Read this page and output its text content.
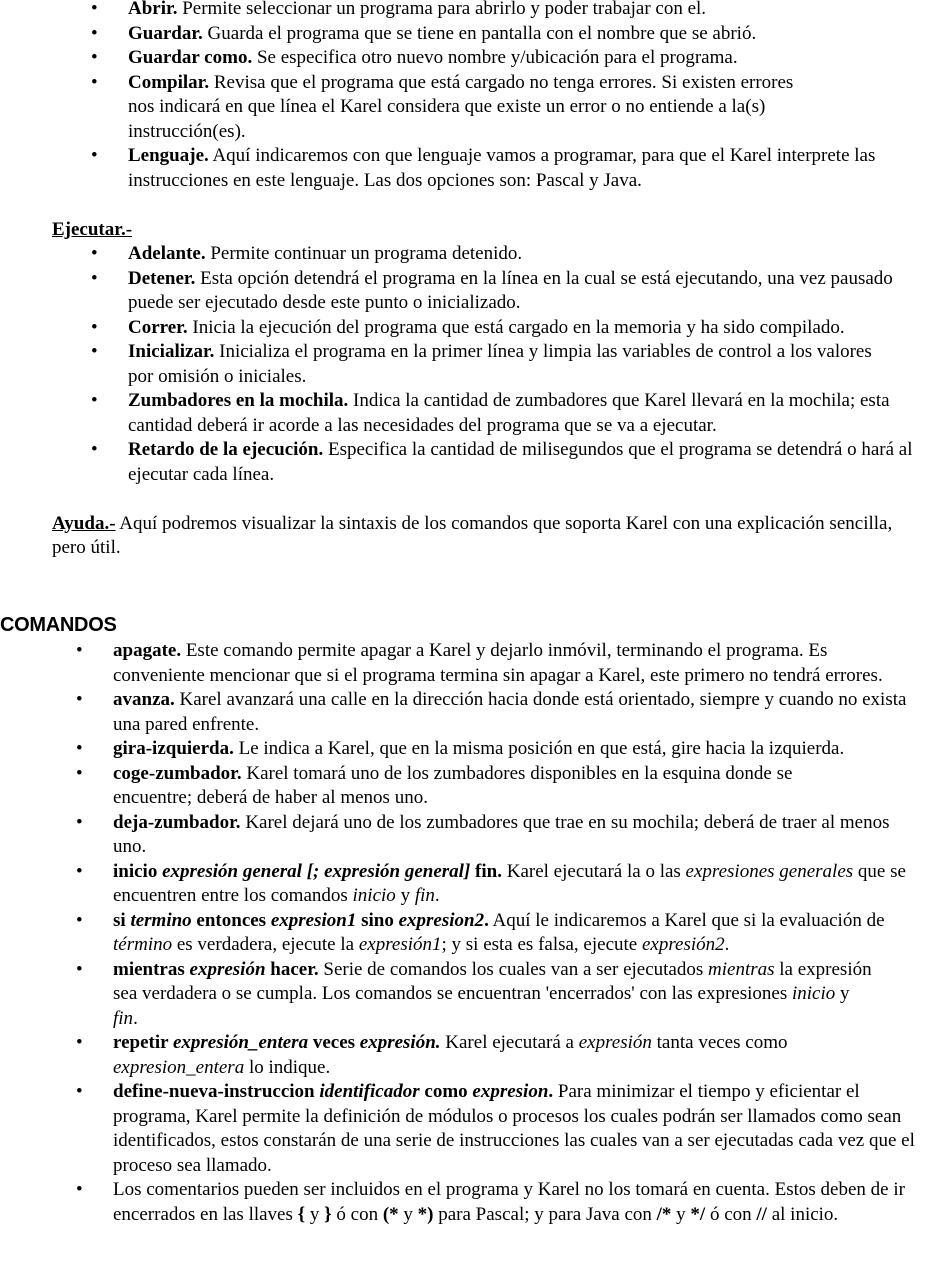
• Abrir. Permite seleccionar un programa para abrirlo y poder trabajar con el.
• Guardar. Guarda el programa que se tiene en pantalla con el nombre que se abrió.
• Guardar como. Se especifica otro nuevo nombre y/ubicación para el programa.
• Compilar. Revisa que el programa que está cargado no tenga errores. Si existen errores nos indicará en que línea el Karel considera que existe un error o no entiende a la(s) instrucción(es).
• Lenguaje. Aquí indicaremos con que lenguaje vamos a programar, para que el Karel interprete las instrucciones en este lenguaje. Las dos opciones son: Pascal y Java.
Ejecutar.-
• Adelante. Permite continuar un programa detenido.
• Detener. Esta opción detendrá el programa en la línea en la cual se está ejecutando, una vez pausado puede ser ejecutado desde este punto o inicializado.
• Correr. Inicia la ejecución del programa que está cargado en la memoria y ha sido compilado.
• Inicializar. Inicializa el programa en la primer línea y limpia las variables de control a los valores por omisión o iniciales.
• Zumbadores en la mochila. Indica la cantidad de zumbadores que Karel llevará en la mochila; esta cantidad deberá ir acorde a las necesidades del programa que se va a ejecutar.
• Retardo de la ejecución. Especifica la cantidad de milisegundos que el programa se detendrá o hará al ejecutar cada línea.
Ayuda.- Aquí podremos visualizar la sintaxis de los comandos que soporta Karel con una explicación sencilla, pero útil.
COMANDOS
• apagate. Este comando permite apagar a Karel y dejarlo inmóvil, terminando el programa. Es conveniente mencionar que si el programa termina sin apagar a Karel, este primero no tendrá errores.
• avanza. Karel avanzará una calle en la dirección hacia donde está orientado, siempre y cuando no exista una pared enfrente.
• gira-izquierda. Le indica a Karel, que en la misma posición en que está, gire hacia la izquierda.
• coge-zumbador. Karel tomará uno de los zumbadores disponibles en la esquina donde se encuentre; deberá de haber al menos uno.
• deja-zumbador. Karel dejará uno de los zumbadores que trae en su mochila; deberá de traer al menos uno.
• inicio expresión general [; expresión general] fin. Karel ejecutará la o las expresiones generales que se encuentren entre los comandos inicio y fin.
• si termino entonces expresion1 sino expresion2. Aquí le indicaremos a Karel que si la evaluación de término es verdadera, ejecute la expresión1; y si esta es falsa, ejecute expresión2.
• mientras expresión hacer. Serie de comandos los cuales van a ser ejecutados mientras la expresión sea verdadera o se cumpla. Los comandos se encuentran 'encerrados' con las expresiones inicio y fin.
• repetir expresión_entera veces expresión. Karel ejecutará a expresión tanta veces como expresion_entera lo indique.
• define-nueva-instruccion identificador como expresion. Para minimizar el tiempo y eficientar el programa, Karel permite la definición de módulos o procesos los cuales podrán ser llamados como sean identificados, estos constarán de una serie de instrucciones las cuales van a ser ejecutadas cada vez que el proceso sea llamado.
• Los comentarios pueden ser incluidos en el programa y Karel no los tomará en cuenta. Estos deben de ir encerrados en las llaves { y } ó con (* y *) para Pascal; y para Java con /* y */ ó con // al inicio.
